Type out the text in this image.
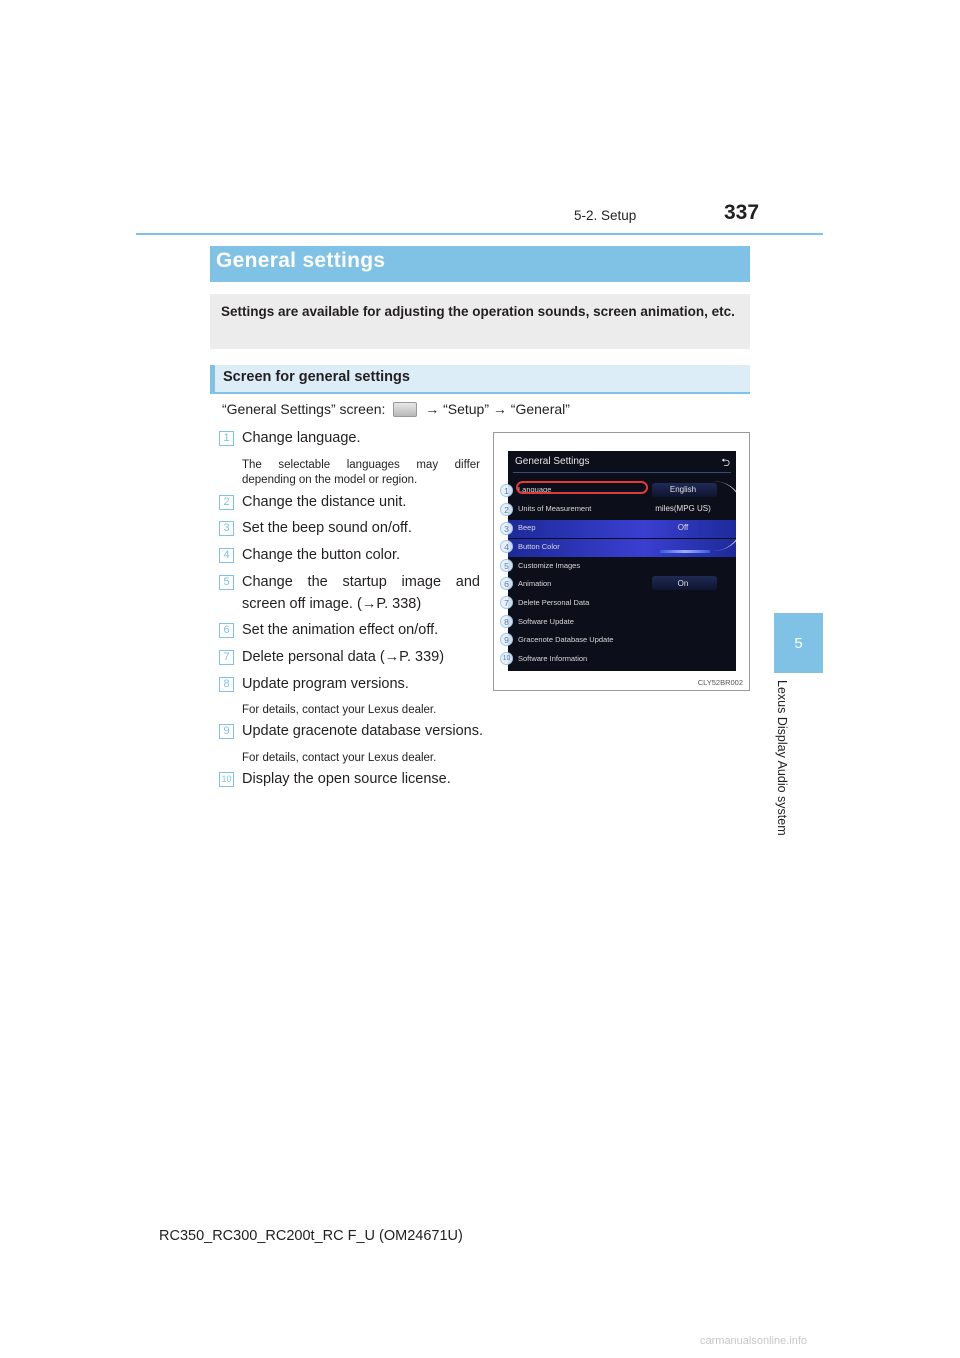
5-2. Setup	337
5
Lexus Display Audio system
General settings

Settings are available for adjusting the operation sounds, screen animation, etc.

Screen for general settings
“General Settings” screen:	→ “Setup” → “General”
1 Change language.
The selectable languages may differ depending on the model or region.
2 Change the distance unit.
3 Set the beep sound on/off.
4 Change the button color.
5 Change the startup image and screen off image. (→P. 338)
6 Set the animation effect on/off.
7 Delete personal data (→P. 339)
8 Update program versions.
For details, contact your Lexus dealer.
9 Update gracenote database versions.
For details, contact your Lexus dealer.
10 Display the open source license.
General Settings	⮌
Language	English
Units of Measurement	miles(MPG US)
Beep	Off
Button Color
Customize Images
Animation	On
Delete Personal Data
Software Update
Gracenote Database Update
Software Information
1
2
3
4
5
6
7
8
9
10
CLY52BR002
RC350_RC300_RC200t_RC F_U (OM24671U)
carmanualsonline.info
